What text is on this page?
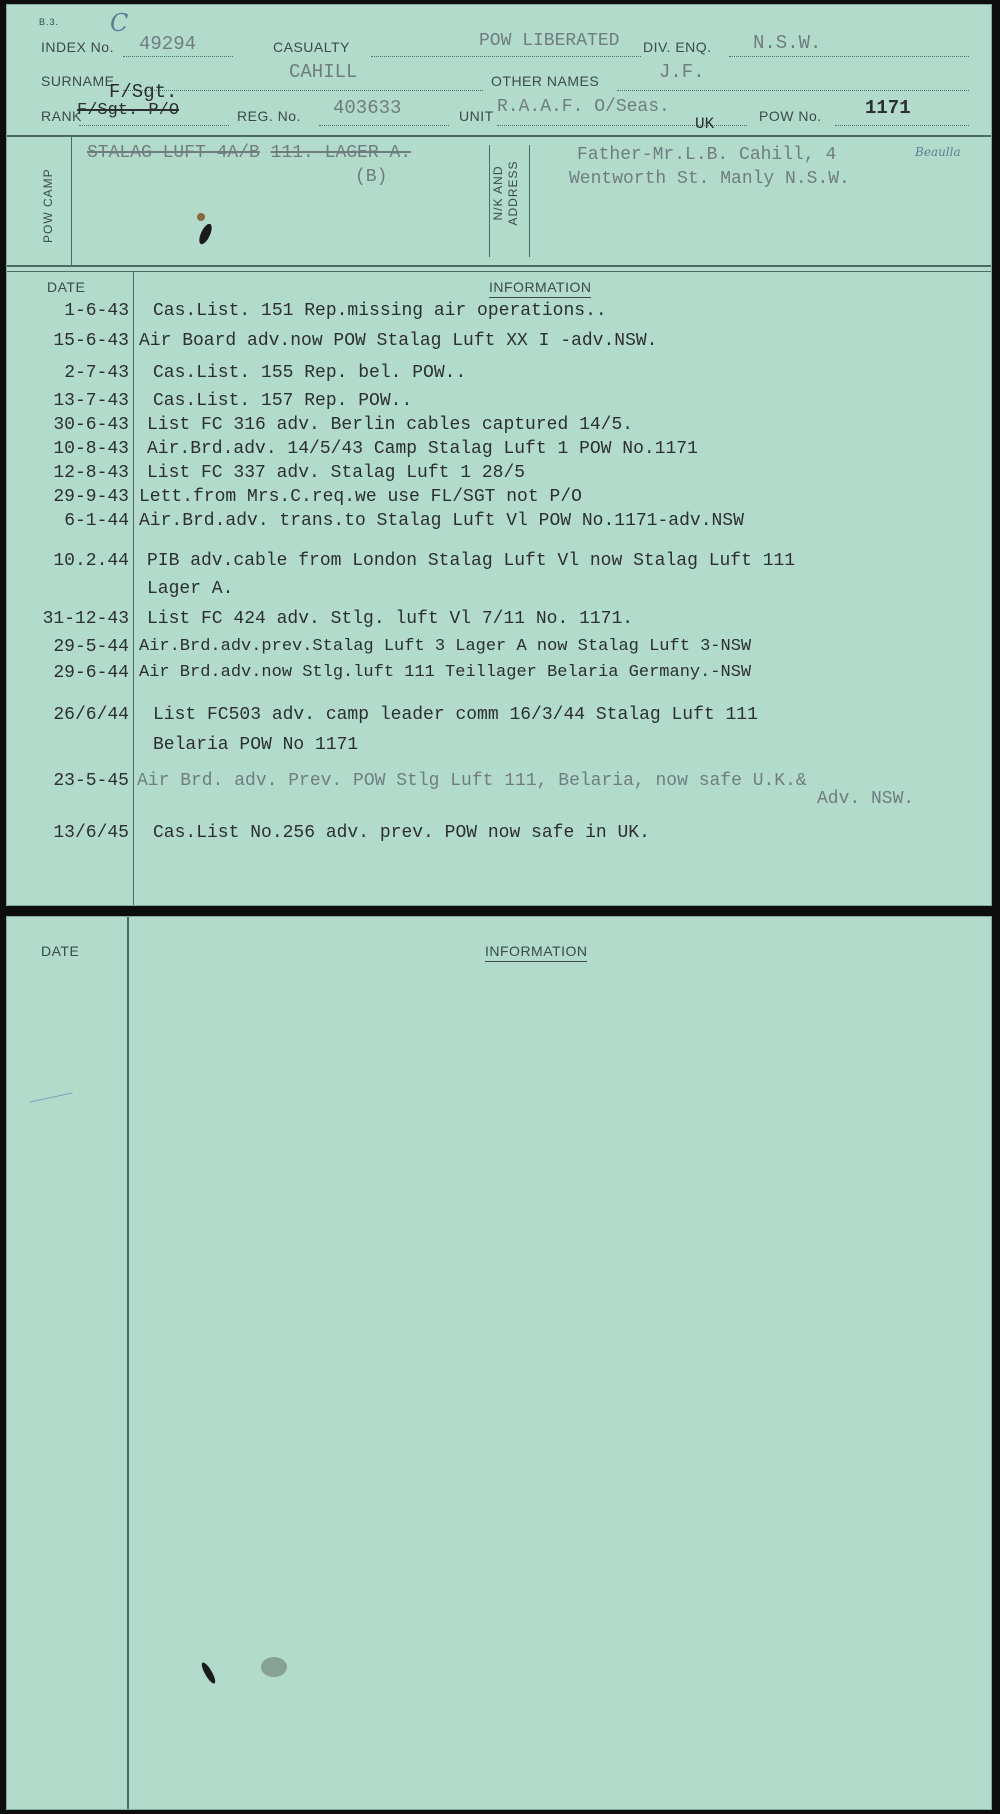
B.3. C
INDEX No. 49294	CASUALTY	POW LIBERATED DIV. ENQ. N.S.W.
SURNAME
F/Sgt.
CAHILL	OTHER NAMES	J.F.
RANK
F/Sgt. P/O	REG. No. 403633	UNIT R.A.A.F. O/Seas.
UK	POW No. 1171
POW CAMP
STALAG LUFT 4A/B 111. LAGER A.
(B)	N/K AND ADDRESS
Father-Mr.L.B. Cahill, 4	Beaulla
Wentworth St. Manly N.S.W.
DATE	INFORMATION
1-6-43 Cas.List. 151 Rep.missing air operations..
15-6-43 Air Board adv.now POW Stalag Luft XX I -adv.NSW.
2-7-43 Cas.List. 155 Rep. bel. POW..
13-7-43 Cas.List. 157 Rep. POW..
30-6-43 List FC 316 adv. Berlin cables captured 14/5.
10-8-43 Air.Brd.adv. 14/5/43 Camp Stalag Luft 1 POW No.1171
12-8-43 List FC 337 adv. Stalag Luft 1 28/5
29-9-43 Lett.from Mrs.C.req.we use FL/SGT not P/O
6-1-44 Air.Brd.adv. trans.to Stalag Luft Vl POW No.1171-adv.NSW
10.2.44 PIB adv.cable from London Stalag Luft Vl now Stalag Luft 111
Lager A.
31-12-43 List FC 424 adv. Stlg. luft Vl 7/11 No. 1171.
29-5-44 Air.Brd.adv.prev.Stalag Luft 3 Lager A now Stalag Luft 3-NSW
29-6-44 Air Brd.adv.now Stlg.luft 111 Teillager Belaria Germany.-NSW
26/6/44 List FC503 adv. camp leader comm 16/3/44 Stalag Luft 111
Belaria POW No 1171
23-5-45 Air Brd. adv. Prev. POW Stlg Luft 111, Belaria, now safe U.K.&
Adv. NSW.
13/6/45 Cas.List No.256 adv. prev. POW now safe in UK.
DATE	INFORMATION
